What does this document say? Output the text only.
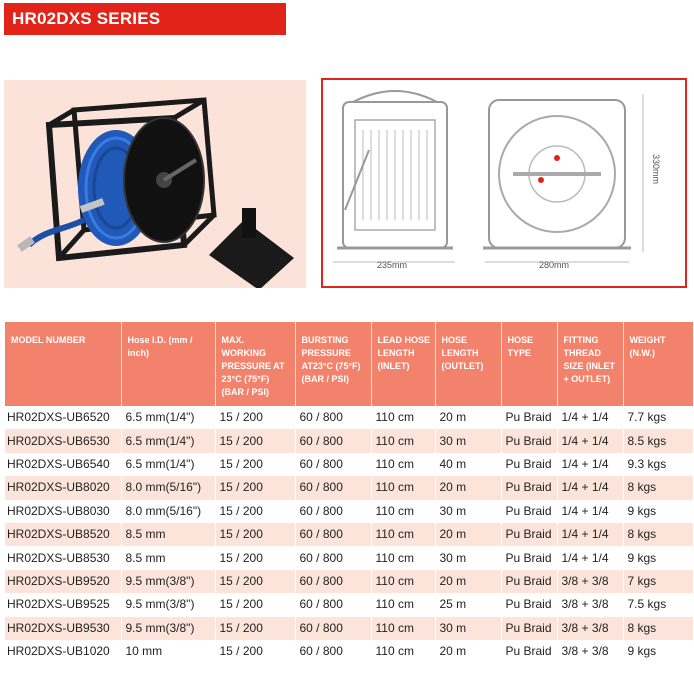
HR02DXS SERIES
235mm	280mm
330mm
MODEL NUMBER	Hose I.D. (mm / inch)	MAX. WORKING PRESSURE AT 23°C (75°F) (BAR / PSI)	BURSTING PRESSURE AT23°C (75°F) (BAR / PSI)	LEAD HOSE LENGTH (INLET)	HOSE LENGTH (OUTLET)	HOSE TYPE	FITTING THREAD SIZE (INLET + OUTLET)	WEIGHT (N.W.)
HR02DXS-UB6520	6.5 mm(1/4")	15 / 200	60 / 800	110 cm	20 m	Pu Braid	1/4 + 1/4	7.7 kgs
HR02DXS-UB6530	6.5 mm(1/4")	15 / 200	60 / 800	110 cm	30 m	Pu Braid	1/4 + 1/4	8.5 kgs
HR02DXS-UB6540	6.5 mm(1/4")	15 / 200	60 / 800	110 cm	40 m	Pu Braid	1/4 + 1/4	9.3 kgs
HR02DXS-UB8020	8.0 mm(5/16")	15 / 200	60 / 800	110 cm	20 m	Pu Braid	1/4 + 1/4	8 kgs
HR02DXS-UB8030	8.0 mm(5/16")	15 / 200	60 / 800	110 cm	30 m	Pu Braid	1/4 + 1/4	9 kgs
HR02DXS-UB8520	8.5 mm	15 / 200	60 / 800	110 cm	20 m	Pu Braid	1/4 + 1/4	8 kgs
HR02DXS-UB8530	8.5 mm	15 / 200	60 / 800	110 cm	30 m	Pu Braid	1/4 + 1/4	9 kgs
HR02DXS-UB9520	9.5 mm(3/8")	15 / 200	60 / 800	110 cm	20 m	Pu Braid	3/8 + 3/8	7 kgs
HR02DXS-UB9525	9.5 mm(3/8")	15 / 200	60 / 800	110 cm	25 m	Pu Braid	3/8 + 3/8	7.5 kgs
HR02DXS-UB9530	9.5 mm(3/8")	15 / 200	60 / 800	110 cm	30 m	Pu Braid	3/8 + 3/8	8 kgs
HR02DXS-UB1020	10 mm	15 / 200	60 / 800	110 cm	20 m	Pu Braid	3/8 + 3/8	9 kgs
